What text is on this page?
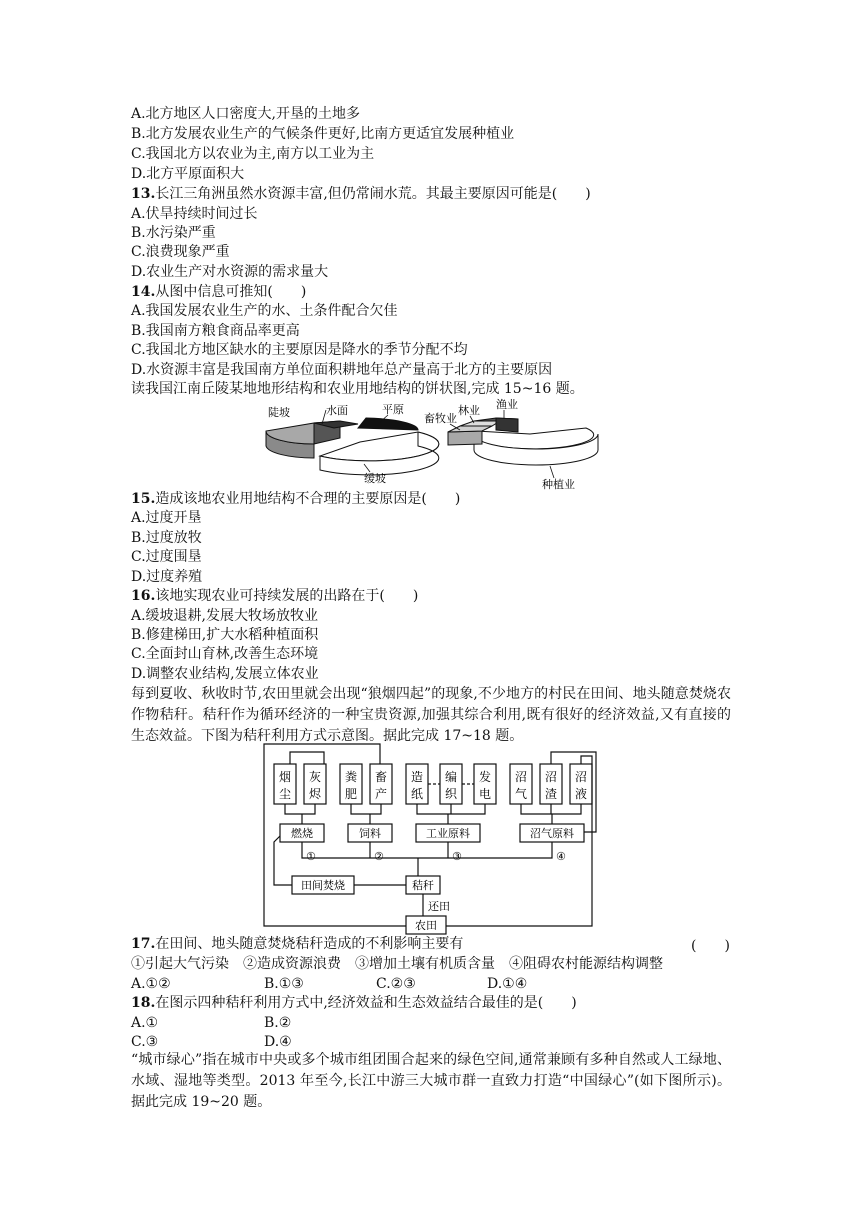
A.北方地区人口密度大,开垦的土地多
B.北方发展农业生产的气候条件更好,比南方更适宜发展种植业
C.我国北方以农业为主,南方以工业为主
D.北方平原面积大
13.长江三角洲虽然水资源丰富,但仍常闹水荒。其最主要原因可能是(　　)
A.伏旱持续时间过长
B.水污染严重
C.浪费现象严重
D.农业生产对水资源的需求量大
14.从图中信息可推知(　　)
A.我国发展农业生产的水、土条件配合欠佳
B.我国南方粮食商品率更高
C.我国北方地区缺水的主要原因是降水的季节分配不均
D.水资源丰富是我国南方单位面积耕地年总产量高于北方的主要原因
读我国江南丘陵某地地形结构和农业用地结构的饼状图,完成 15~16 题。
陡坡	水面	平原
缓坡
畜牧业
林业 渔业
种植业
15.造成该地农业用地结构不合理的主要原因是(　　)
A.过度开垦
B.过度放牧
C.过度围垦
D.过度养殖
16.该地实现农业可持续发展的出路在于(　　)
A.缓坡退耕,发展大牧场放牧业
B.修建梯田,扩大水稻种植面积
C.全面封山育林,改善生态环境
D.调整农业结构,发展立体农业
每到夏收、秋收时节,农田里就会出现“狼烟四起”的现象,不少地方的村民在田间、地头随意焚烧农作物秸秆。秸秆作为循环经济的一种宝贵资源,加强其综合利用,既有很好的经济效益,又有直接的生态效益。下图为秸秆利用方式示意图。据此完成 17~18 题。
烟
尘
灰
烬
粪
肥
畜
产
造
纸
编
织
发
电
沼
气
沼
渣
沼
液
燃烧	饲料	工业原料	沼气原料
①	②	③	④
田间焚烧	秸秆
还田
农田
17.在田间、地头随意焚烧秸秆造成的不利影响主要有	(　　)
①引起大气污染　②造成资源浪费　③增加土壤有机质含量　④阻碍农村能源结构调整
A.①②	B.①③	C.②③	D.①④
18.在图示四种秸秆利用方式中,经济效益和生态效益结合最佳的是(　　)
A.①	B.②
C.③	D.④
“城市绿心”指在城市中央或多个城市组团围合起来的绿色空间,通常兼顾有多种自然或人工绿地、水域、湿地等类型。2013 年至今,长江中游三大城市群一直致力打造“中国绿心”(如下图所示)。据此完成 19~20 题。
